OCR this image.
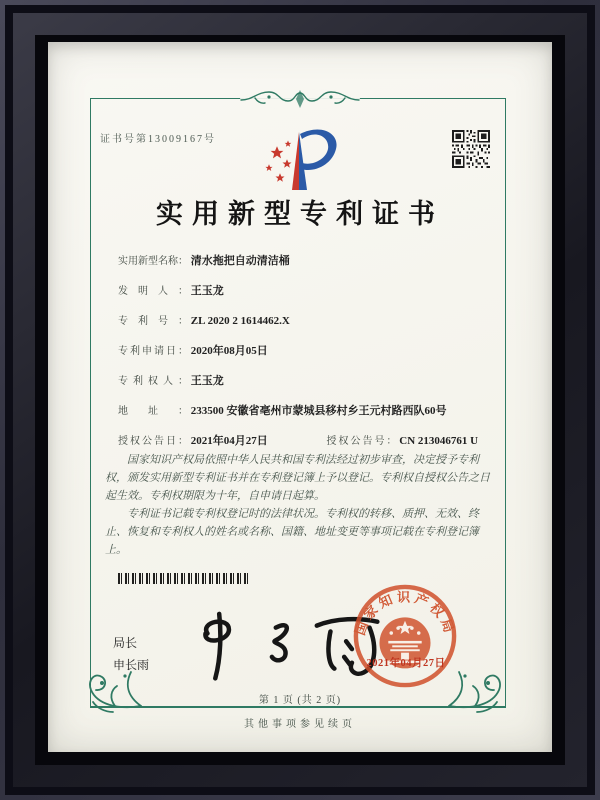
证书号第13009167号
实用新型专利证书
实用新型名称： 清水拖把自动清洁桶
发明人： 王玉龙
专利号： ZL 2020 2 1614462.X
专利申请日： 2020年08月05日
专利权人： 王玉龙
地址： 233500 安徽省亳州市蒙城县移村乡王元村路西队60号
授权公告日： 2021年04月27日	授权公告号： CN 213046761 U

国家知识产权局依照中华人民共和国专利法经过初步审查，决定授予专利权，颁发实用新型专利证书并在专利登记簿上予以登记。专利权自授权公告之日起生效。专利权期限为十年，自申请日起算。

专利证书记载专利权登记时的法律状况。专利权的转移、质押、无效、终止、恢复和专利权人的姓名或名称、国籍、地址变更等事项记载在专利登记簿上。

局长
申长雨
国家知识产权局
2021年04月27日
第 1 页 (共 2 页)
其他事项参见续页
